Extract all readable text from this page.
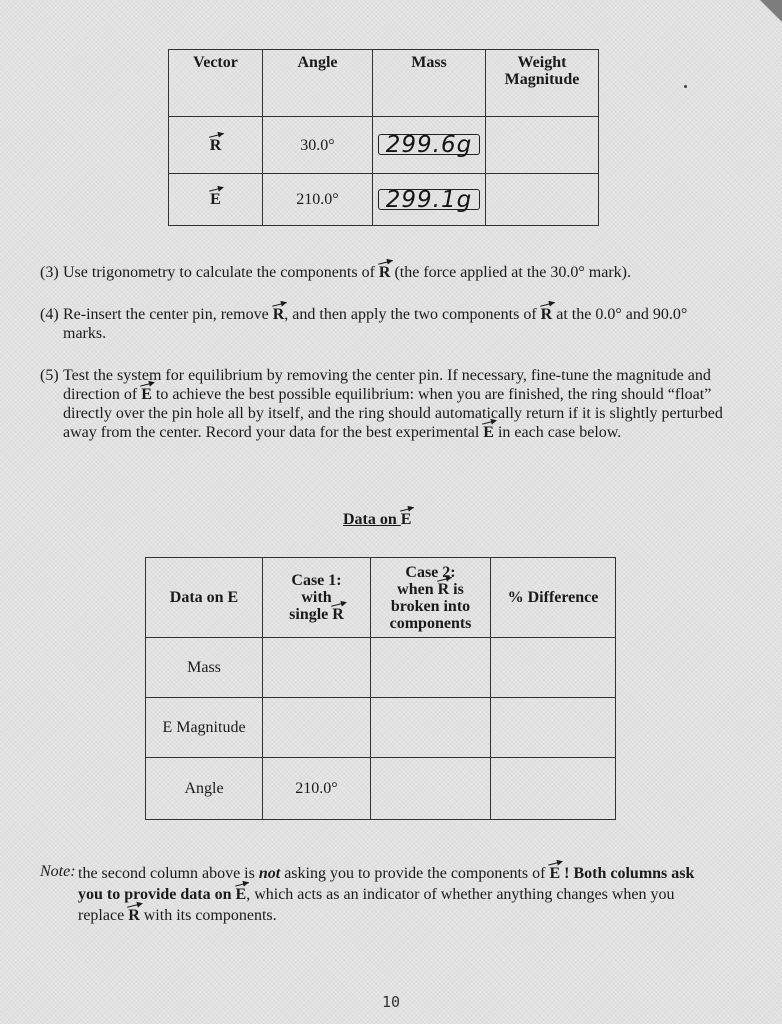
Vector	Angle	Mass	Weight Magnitude
R	30.0°	299.6g	
E	210.0°	299.1g	

(3) Use trigonometry to calculate the components of R (the force applied at the 30.0° mark).

(4) Re-insert the center pin, remove R, and then apply the two components of R at the 0.0° and 90.0° marks.

(5) Test the system for equilibrium by removing the center pin. If necessary, fine-tune the magnitude and direction of E to achieve the best possible equilibrium: when you are finished, the ring should “float” directly over the pin hole all by itself, and the ring should automatically return if it is slightly perturbed away from the center. Record your data for the best experimental E in each case below.

Data on E
Data on E	Case 1:
with
single R	Case 2:
when R is
broken into
components	% Difference
Mass			
E Magnitude			
Angle	210.0°		
Note: the second column above is not asking you to provide the components of E ! Both columns ask you to provide data on E, which acts as an indicator of whether anything changes when you replace R with its components.
10
